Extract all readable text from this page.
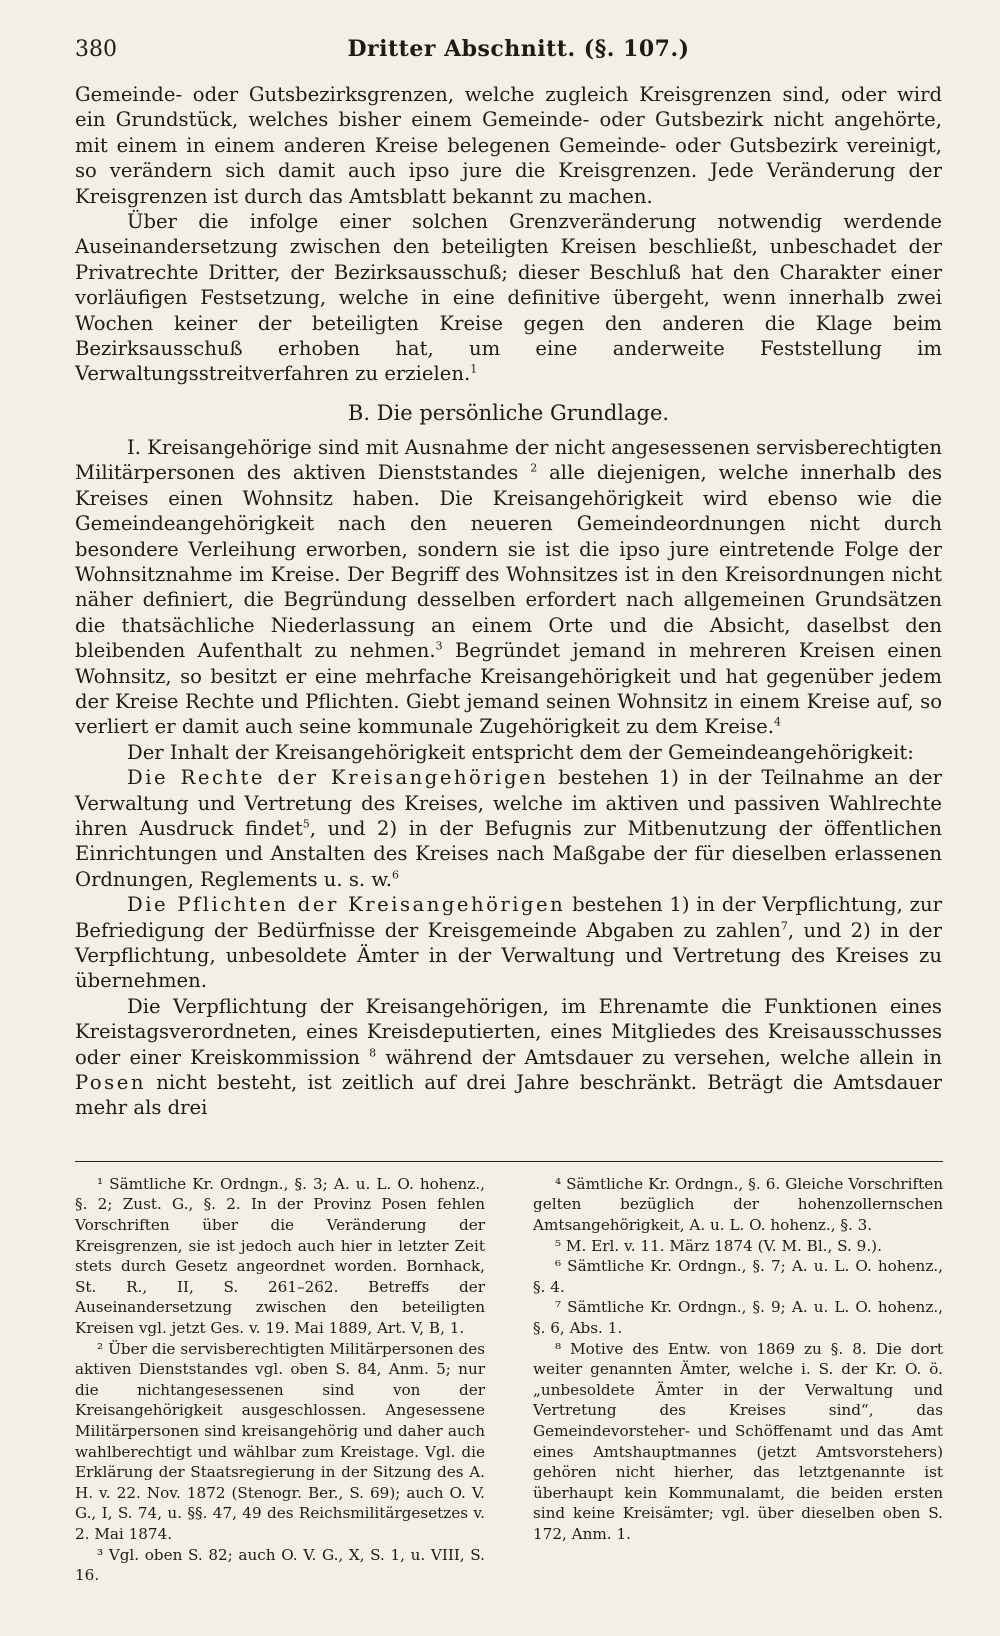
380	Dritter Abschnitt. (§. 107.)

Gemeinde- oder Gutsbezirksgrenzen, welche zugleich Kreisgrenzen sind, oder wird ein Grundstück, welches bisher einem Gemeinde- oder Gutsbezirk nicht angehörte, mit einem in einem anderen Kreise belegenen Gemeinde- oder Gutsbezirk vereinigt, so verändern sich damit auch ipso jure die Kreisgrenzen. Jede Veränderung der Kreisgrenzen ist durch das Amtsblatt bekannt zu machen.

Über die infolge einer solchen Grenzveränderung notwendig werdende Auseinandersetzung zwischen den beteiligten Kreisen beschließt, unbeschadet der Privatrechte Dritter, der Bezirksausschuß; dieser Beschluß hat den Charakter einer vorläufigen Festsetzung, welche in eine definitive übergeht, wenn innerhalb zwei Wochen keiner der beteiligten Kreise gegen den anderen die Klage beim Bezirksausschuß erhoben hat, um eine anderweite Feststellung im Verwaltungsstreitverfahren zu erzielen.$^1$

B. Die persönliche Grundlage.

I. Kreisangehörige sind mit Ausnahme der nicht angesessenen servisberechtigten Militärpersonen des aktiven Dienststandes $^2$ alle diejenigen, welche innerhalb des Kreises einen Wohnsitz haben. Die Kreisangehörigkeit wird ebenso wie die Gemeindeangehörigkeit nach den neueren Gemeindeordnungen nicht durch besondere Verleihung erworben, sondern sie ist die ipso jure eintretende Folge der Wohnsitznahme im Kreise. Der Begriff des Wohnsitzes ist in den Kreisordnungen nicht näher definiert, die Begründung desselben erfordert nach allgemeinen Grundsätzen die thatsächliche Niederlassung an einem Orte und die Absicht, daselbst den bleibenden Aufenthalt zu nehmen.$^3$ Begründet jemand in mehreren Kreisen einen Wohnsitz, so besitzt er eine mehrfache Kreisangehörigkeit und hat gegenüber jedem der Kreise Rechte und Pflichten. Giebt jemand seinen Wohnsitz in einem Kreise auf, so verliert er damit auch seine kommunale Zugehörigkeit zu dem Kreise.$^4$

Der Inhalt der Kreisangehörigkeit entspricht dem der Gemeindeangehörigkeit:

Die Rechte der Kreisangehörigen bestehen 1) in der Teilnahme an der Verwaltung und Vertretung des Kreises, welche im aktiven und passiven Wahlrechte ihren Ausdruck findet$^5$, und 2) in der Befugnis zur Mitbenutzung der öffentlichen Einrichtungen und Anstalten des Kreises nach Maßgabe der für dieselben erlassenen Ordnungen, Reglements u. s. w.$^6$

Die Pflichten der Kreisangehörigen bestehen 1) in der Verpflichtung, zur Befriedigung der Bedürfnisse der Kreisgemeinde Abgaben zu zahlen$^7$, und 2) in der Verpflichtung, unbesoldete Ämter in der Verwaltung und Vertretung des Kreises zu übernehmen.

Die Verpflichtung der Kreisangehörigen, im Ehrenamte die Funktionen eines Kreistagsverordneten, eines Kreisdeputierten, eines Mitgliedes des Kreisausschusses oder einer Kreiskommission $^8$ während der Amtsdauer zu versehen, welche allein in Posen nicht besteht, ist zeitlich auf drei Jahre beschränkt. Beträgt die Amtsdauer mehr als drei

¹ Sämtliche Kr. Ordngn., §. 3; A. u. L. O. hohenz., §. 2; Zust. G., §. 2. In der Provinz Posen fehlen Vorschriften über die Veränderung der Kreisgrenzen, sie ist jedoch auch hier in letzter Zeit stets durch Gesetz angeordnet worden. Bornhack, St. R., II, S. 261–262. Betreffs der Auseinandersetzung zwischen den beteiligten Kreisen vgl. jetzt Ges. v. 19. Mai 1889, Art. V, B, 1.

² Über die servisberechtigten Militärpersonen des aktiven Dienststandes vgl. oben S. 84, Anm. 5; nur die nichtangesessenen sind von der Kreisangehörigkeit ausgeschlossen. Angesessene Militärpersonen sind kreisangehörig und daher auch wahlberechtigt und wählbar zum Kreistage. Vgl. die Erklärung der Staatsregierung in der Sitzung des A. H. v. 22. Nov. 1872 (Stenogr. Ber., S. 69); auch O. V. G., I, S. 74, u. §§. 47, 49 des Reichsmilitärgesetzes v. 2. Mai 1874.

³ Vgl. oben S. 82; auch O. V. G., X, S. 1, u. VIII, S. 16.

⁴ Sämtliche Kr. Ordngn., §. 6. Gleiche Vorschriften gelten bezüglich der hohenzollernschen Amtsangehörigkeit, A. u. L. O. hohenz., §. 3.

⁵ M. Erl. v. 11. März 1874 (V. M. Bl., S. 9.).

⁶ Sämtliche Kr. Ordngn., §. 7; A. u. L. O. hohenz., §. 4.

⁷ Sämtliche Kr. Ordngn., §. 9; A. u. L. O. hohenz., §. 6, Abs. 1.

⁸ Motive des Entw. von 1869 zu §. 8. Die dort weiter genannten Ämter, welche i. S. der Kr. O. ö. „unbesoldete Ämter in der Verwaltung und Vertretung des Kreises sind“, das Gemeindevorsteher- und Schöffenamt und das Amt eines Amtshauptmannes (jetzt Amtsvorstehers) gehören nicht hierher, das letztgenannte ist überhaupt kein Kommunalamt, die beiden ersten sind keine Kreisämter; vgl. über dieselben oben S. 172, Anm. 1.
